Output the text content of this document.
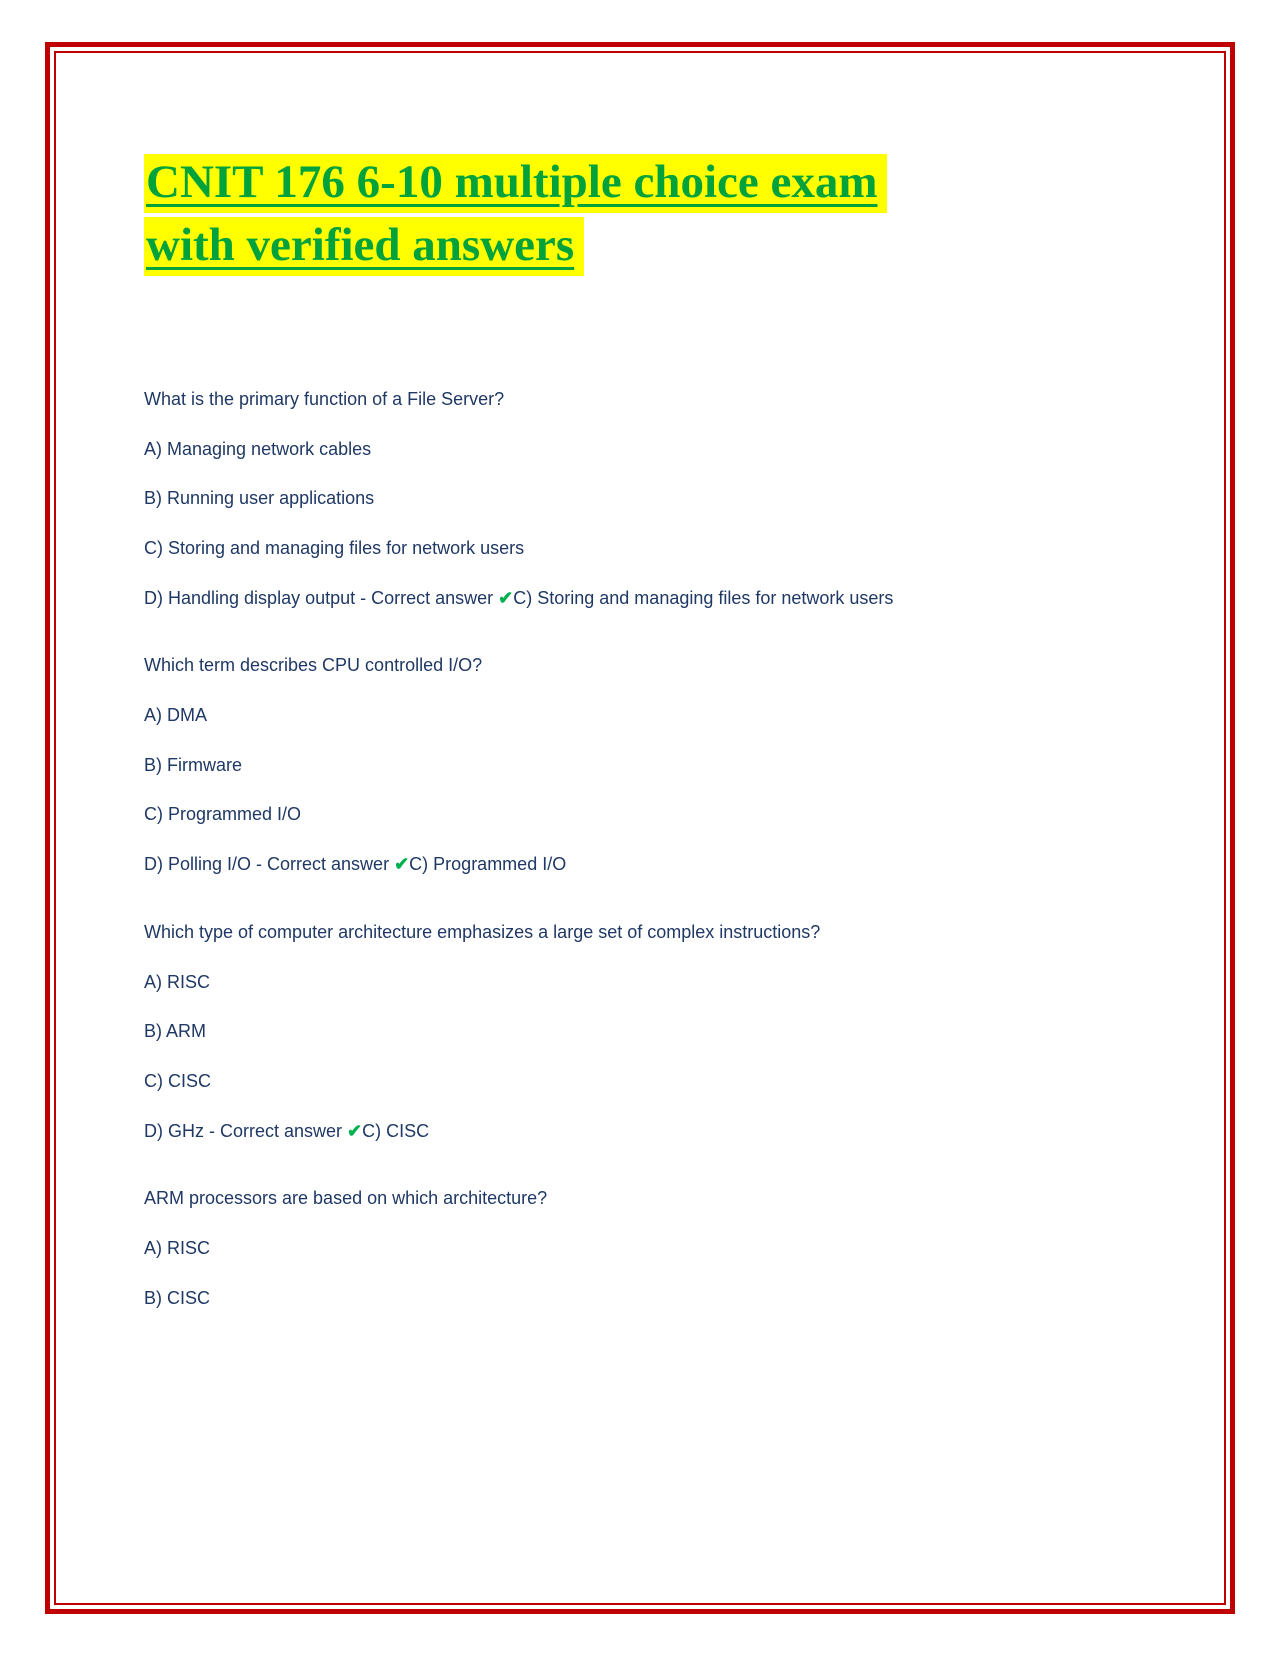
CNIT 176 6-10 multiple choice exam
with verified answers

What is the primary function of a File Server?

A) Managing network cables

B) Running user applications

C) Storing and managing files for network users

D) Handling display output - Correct answer ✔C) Storing and managing files for network users

Which term describes CPU controlled I/O?

A) DMA

B) Firmware

C) Programmed I/O

D) Polling I/O - Correct answer ✔C) Programmed I/O

Which type of computer architecture emphasizes a large set of complex instructions?

A) RISC

B) ARM

C) CISC

D) GHz - Correct answer ✔C) CISC

ARM processors are based on which architecture?

A) RISC

B) CISC
